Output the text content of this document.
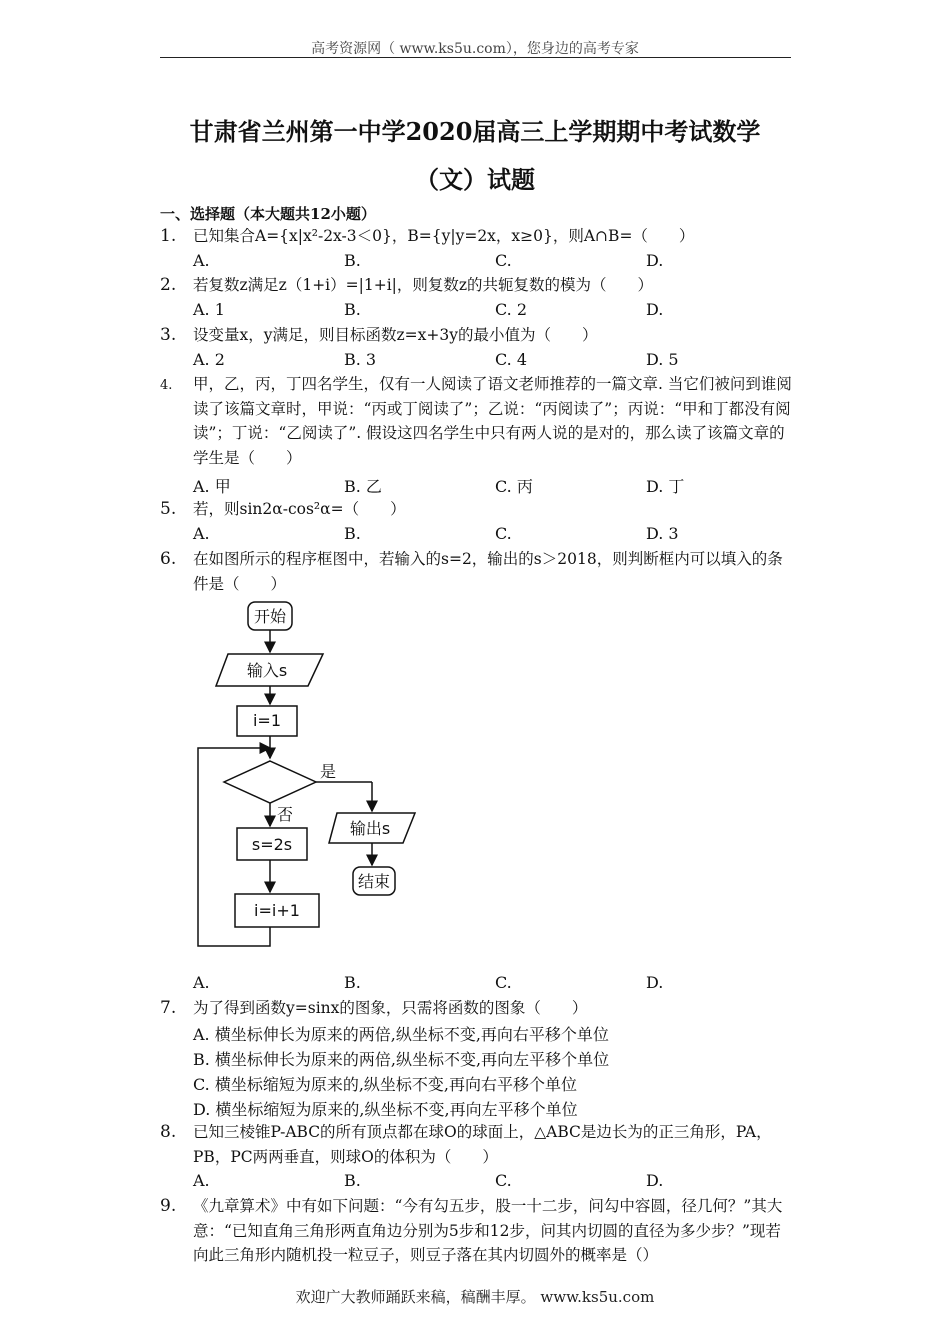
高考资源网（ www.ks5u.com），您身边的高考专家
甘肃省兰州第一中学2020届高三上学期期中考试数学
（文）试题
一、选择题（本大题共12小题）
1. 已知集合A={x|x²-2x-3＜0}，B={y|y=2x，x≥0}，则A∩B=（　　）
A.	B.	C.	D.
2. 若复数z满足z（1+i）=|1+i|，则复数z的共轭复数的模为（　　）
A. 1	B.	C. 2	D.
3. 设变量x，y满足，则目标函数z=x+3y的最小值为（　　）
A. 2	B. 3	C. 4	D. 5
4. 甲，乙，丙，丁四名学生，仅有一人阅读了语文老师推荐的一篇文章. 当它们被问到谁阅读了该篇文章时，甲说：“丙或丁阅读了”；乙说：“丙阅读了”；丙说：“甲和丁都没有阅读”；丁说：“乙阅读了”. 假设这四名学生中只有两人说的是对的，那么读了该篇文章的学生是（　　）
A. 甲	B. 乙	C. 丙	D. 丁
5. 若，则sin2α-cos²α=（　　）
A.	B.	C.	D. 3
6. 在如图所示的程序框图中，若输入的s=2，输出的s＞2018，则判断框内可以填入的条件是（　　）
开始
输入s
i=1
是
输出s
结束
否
s=2s
i=i+1
A.	B.	C.	D.
7. 为了得到函数y=sinx的图象，只需将函数的图象（　　）
A. 横坐标伸长为原来的两倍,纵坐标不变,再向右平移个单位
B. 横坐标伸长为原来的两倍,纵坐标不变,再向左平移个单位
C. 横坐标缩短为原来的,纵坐标不变,再向右平移个单位
D. 横坐标缩短为原来的,纵坐标不变,再向左平移个单位
8. 已知三棱锥P-ABC的所有顶点都在球O的球面上，△ABC是边长为的正三角形，PA，PB，PC两两垂直，则球O的体积为（　　）
A.	B.	C.	D.
9. 《九章算术》中有如下问题：“今有勾五步，股一十二步，问勾中容圆，径几何？”其大意：“已知直角三角形两直角边分别为5步和12步，问其内切圆的直径为多少步？”现若向此三角形内随机投一粒豆子，则豆子落在其内切圆外的概率是（）
欢迎广大教师踊跃来稿，稿酬丰厚。 www.ks5u.com
